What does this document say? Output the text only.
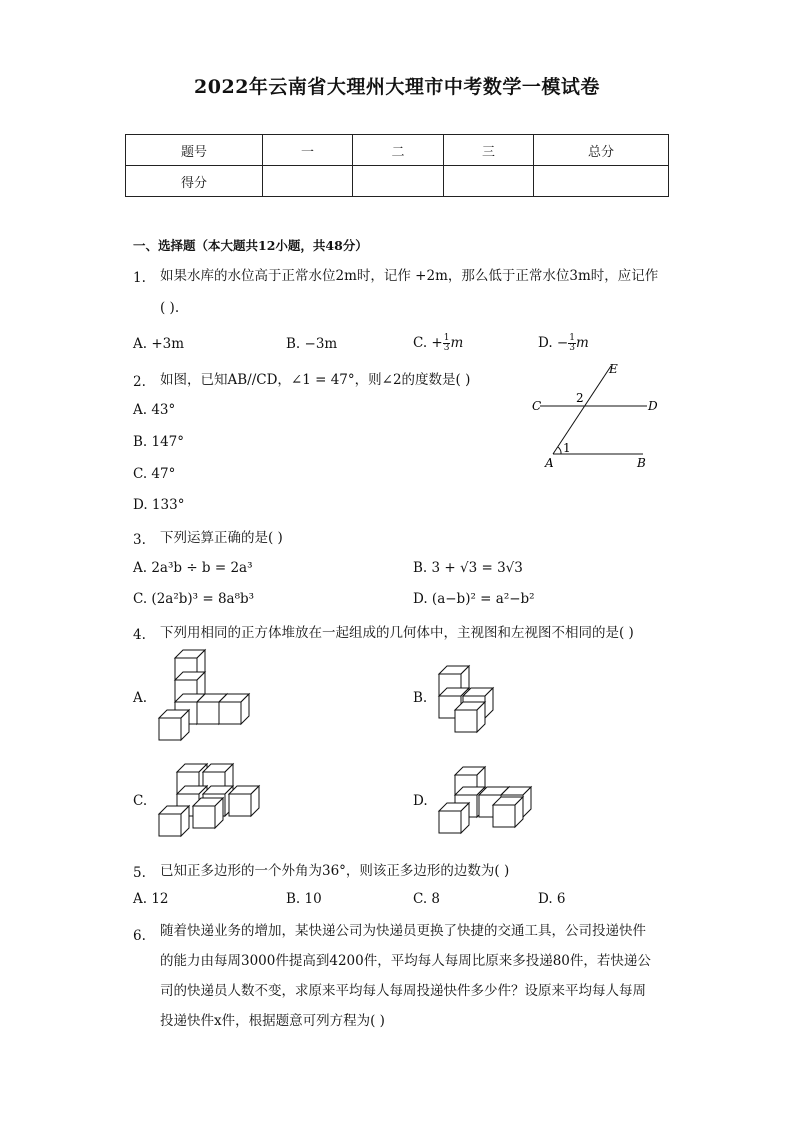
2022年云南省大理州大理市中考数学一模试卷
题号	一	二	三	总分
得分				
一、选择题（本大题共12小题，共48分）
1. 如果水库的水位高于正常水位2m时，记作 +2m，那么低于正常水位3m时，应记作
( ).
A. +3m	B. −3m	C. + $\frac{1}{3}$ m	D. − $\frac{1}{3}$ m
2. 如图，已知AB//CD，∠1 = 47°，则∠2的度数是( )
A. 43°
B. 147°
C. 47°
D. 133°
E
C	D
2
1
A	B
3. 下列运算正确的是( )
A. 2a³b ÷ b = 2a³	B. 3 + √3 = 3√3
C. (2a²b)³ = 8a⁸b³	D. (a−b)² = a²−b²
4. 下列用相同的正方体堆放在一起组成的几何体中，主视图和左视图不相同的是( )
A.	B.
C.	D.
5. 已知正多边形的一个外角为36°，则该正多边形的边数为( )
A. 12	B. 10	C. 8	D. 6
6. 随着快递业务的增加，某快递公司为快递员更换了快捷的交通工具，公司投递快件
的能力由每周3000件提高到4200件，平均每人每周比原来多投递80件，若快递公
司的快递员人数不变，求原来平均每人每周投递快件多少件？设原来平均每人每周
投递快件x件，根据题意可列方程为( )
